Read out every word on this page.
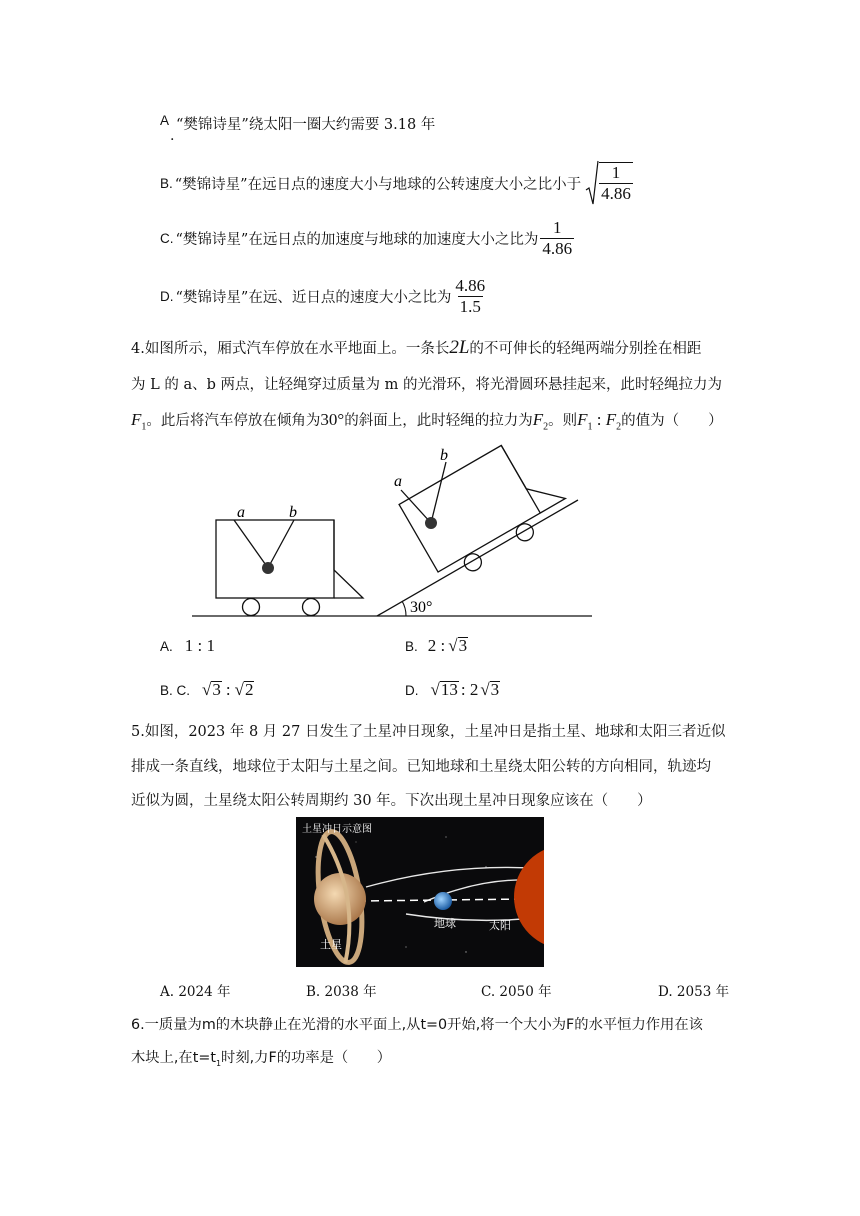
A
.
“樊锦诗星”绕太阳一圈大约需要 3.18 年
B. “樊锦诗星”在远日点的速度大小与地球的公转速度大小之比小于 $\frac{1}{4.86}$
C. “樊锦诗星”在远日点的加速度与地球的加速度大小之比为 $\frac{1}{4.86}$
D. “樊锦诗星”在远、近日点的速度大小之比为 $\frac{4.86}{1.5}$
4.如图所示，厢式汽车停放在水平地面上。一条长2L的不可伸长的轻绳两端分别拴在相距
为 L 的 a、b 两点，让轻绳穿过质量为 m 的光滑环，将光滑圆环悬挂起来，此时轻绳拉力为
$F_1$。此后将汽车停放在倾角为30°的斜面上，此时轻绳的拉力为$F_2$。则$F_1$ : $F_2$的值为（　　）
a	b
30°
a
b
A. 1 : 1	B. 2 : √3
B. C. √3 : √2	D. √13 : 2 √3
5.如图，2023 年 8 月 27 日发生了土星冲日现象，土星冲日是指土星、地球和太阳三者近似
排成一条直线，地球位于太阳与土星之间。已知地球和土星绕太阳公转的方向相同，轨迹均
近似为圆，土星绕太阳公转周期约 30 年。下次出现土星冲日现象应该在（　　）
土星冲日示意图
土星
地球	太阳
A. 2024 年	B. 2038 年	C. 2050 年	D. 2053 年
6.一质量为m的木块静止在光滑的水平面上,从t=0开始,将一个大小为F的水平恒力作用在该
木块上,在$t=t_1$时刻,力F的功率是（　　）
